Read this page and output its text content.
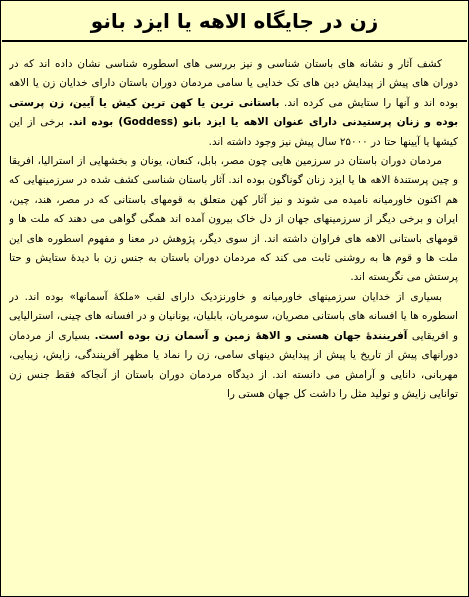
زن در جایگاه الاهه یا ایزد بانو

کشف آثار و نشانه های باستان شناسی و نیز بررسی های اسطوره شناسی نشان داده اند که در دوران های پیش از پیدایش دین های تک خدایی یا سامی مردمان دوران باستان دارای خدایان زن یا الاهه بوده اند و آنها را ستایش می کرده اند. باستانی ترین یا کهن ترین کیش یا آیین، زن پرستی بوده و زنان پرستیدنی دارای عنوان الاهه یا ایزد بانو (Goddess) بوده اند. برخی از این کیشها یا آیینها حتا در ۲۵۰۰۰ سال پیش نیز وجود داشته اند.

مردمان دوران باستان در سرزمین هایی چون مصر، بابل، کنعان، یونان و بخشهایی از استرالیا، افریقا و چین پرستندهٔ الاهه ها یا ایزد زنان گوناگون بوده اند. آثار باستان شناسی کشف شده در سرزمینهایی که هم اکنون خاورمیانه نامیده می شوند و نیز آثار کهن متعلق به قومهای باستانی که در مصر، هند، چین، ایران و برخی دیگر از سرزمینهای جهان از دل خاک بیرون آمده اند همگی گواهی می دهند که ملت ها و قومهای باستانی الاهه های فراوان داشته اند. از سوی دیگر، پژوهش در معنا و مفهوم اسطوره های این ملت ها و قوم ها به روشنی ثابت می کند که مردمان دوران باستان به جنس زن با دیدهٔ ستایش و حتا پرستش می نگریسته اند.

بسیاری از خدایان سرزمینهای خاورمیانه و خاورنزدیک دارای لقب «ملکهٔ آسمانها» بوده اند. در اسطوره ها یا افسانه های باستانی مصریان، سومریان، بابلیان، یونانیان و در افسانه های چینی، استرالیایی و افریقایی آفرینندهٔ جهان هستی و الاههٔ زمین و آسمان زن بوده است. بسیاری از مردمان دورانهای پیش از تاریخ یا پیش از پیدایش دینهای سامی، زن را نماد یا مظهر آفرینندگی، زایش، زیبایی، مهربانی، دانایی و آرامش می دانسته اند. از دیدگاه مردمان دوران باستان از آنجاکه فقط جنس زن توانایی زایش و تولید مثل را داشت کل جهان هستی را
